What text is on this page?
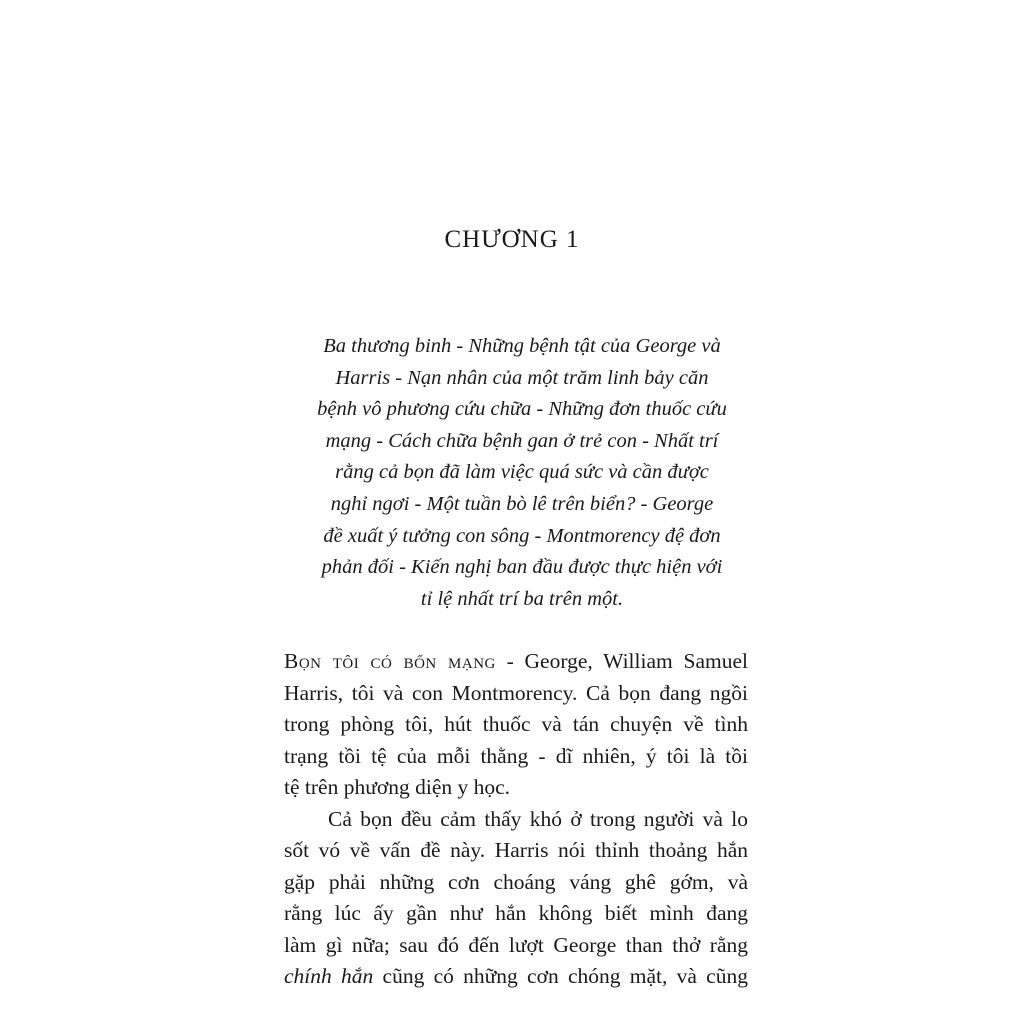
CHƯƠNG 1
Ba thương binh - Những bệnh tật của George và
Harris - Nạn nhân của một trăm linh bảy căn
bệnh vô phương cứu chữa - Những đơn thuốc cứu
mạng - Cách chữa bệnh gan ở trẻ con - Nhất trí
rằng cả bọn đã làm việc quá sức và cần được
nghỉ ngơi - Một tuần bò lê trên biển? - George
đề xuất ý tưởng con sông - Montmorency đệ đơn
phản đối - Kiến nghị ban đầu được thực hiện với
tỉ lệ nhất trí ba trên một.
Bọn tôi có bốn mạng - George, William Samuel
Harris, tôi và con Montmorency. Cả bọn đang ngồi
trong phòng tôi, hút thuốc và tán chuyện về tình
trạng tồi tệ của mỗi thằng - dĩ nhiên, ý tôi là tồi
tệ trên phương diện y học.
Cả bọn đều cảm thấy khó ở trong người và lo
sốt vó về vấn đề này. Harris nói thỉnh thoảng hắn
gặp phải những cơn choáng váng ghê gớm, và
rằng lúc ấy gần như hắn không biết mình đang
làm gì nữa; sau đó đến lượt George than thở rằng
chính hắn cũng có những cơn chóng mặt, và cũng
